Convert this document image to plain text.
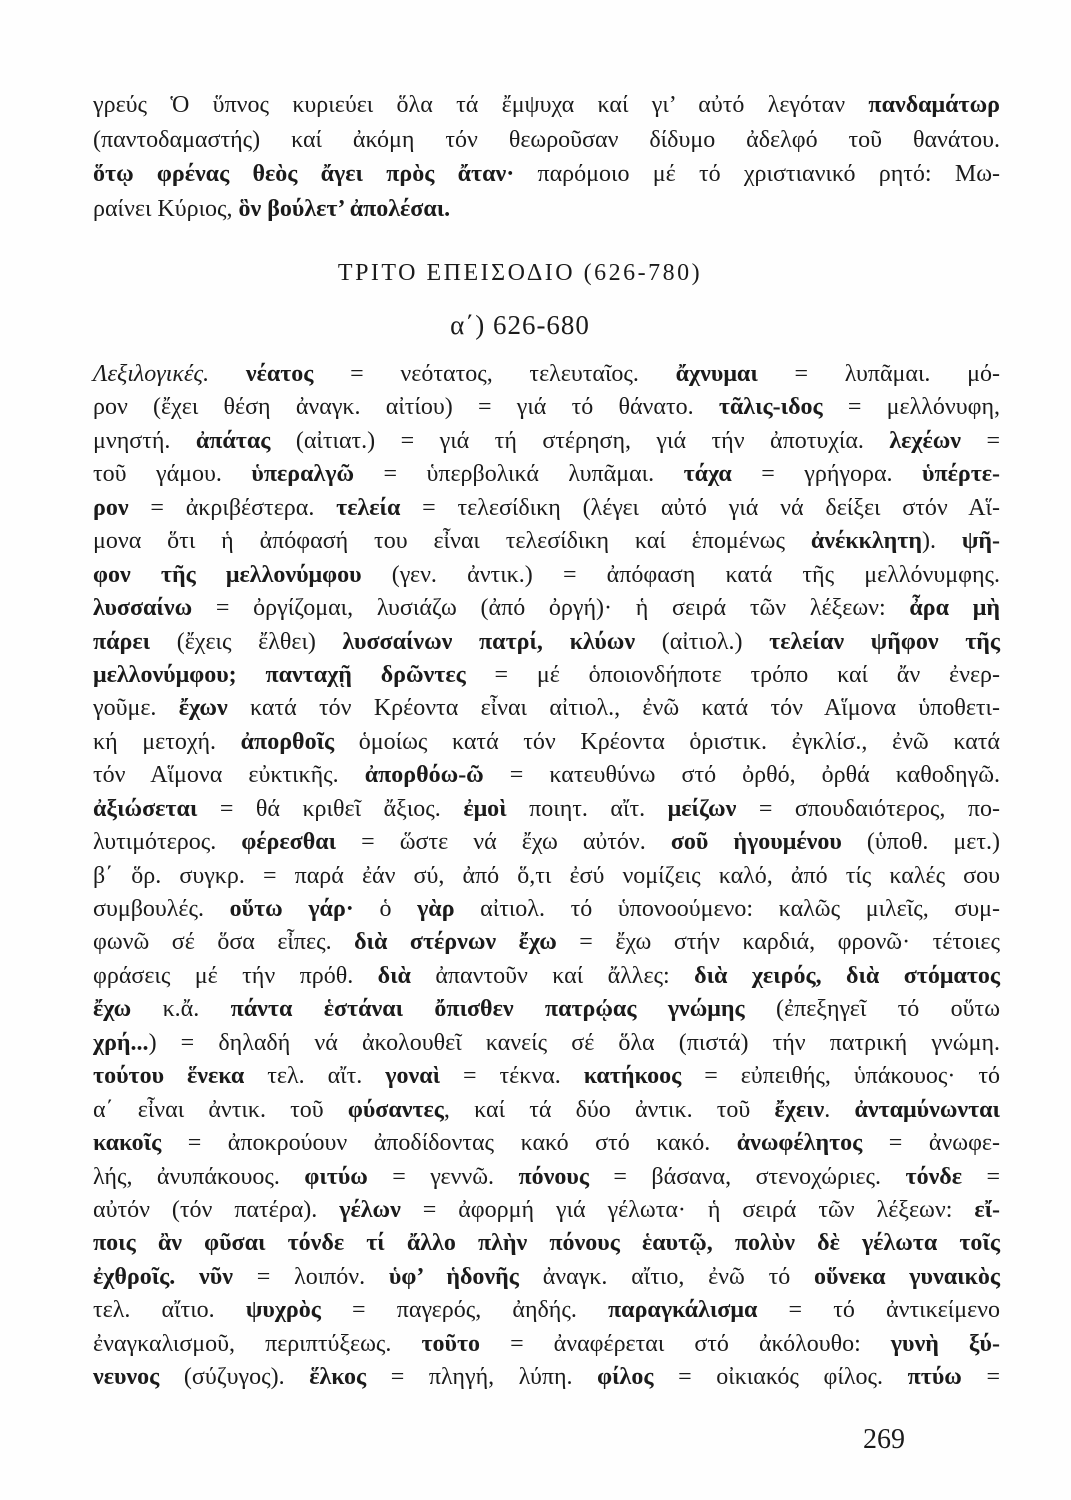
γρεύς Ὁ ὕπνος κυριεύει ὅλα τά ἔμψυχα καί γι’ αὐτό λεγόταν πανδαμάτωρ
(παντοδαμαστής) καί ἀκόμη τόν θεωροῦσαν δίδυμο ἀδελφό τοῦ θανάτου.
ὅτῳ φρένας θεὸς ἄγει πρὸς ἄταν· παρόμοιο μέ τό χριστιανικό ρητό: Μω-
ραίνει Κύριος, ὃν βούλετ’ ἀπολέσαι.
ΤΡΙΤΟ ΕΠΕΙΣΟΔΙΟ (626-780)
α΄) 626-680
Λεξιλογικές. νέατος = νεότατος, τελευταῖος. ἄχνυμαι = λυπᾶμαι. μό-
ρον (ἔχει θέση ἀναγκ. αἰτίου) = γιά τό θάνατο. τᾶλις-ιδος = μελλόνυφη,
μνηστή. ἀπάτας (αἰτιατ.) = γιά τή στέρηση, γιά τήν ἀποτυχία. λεχέων =
τοῦ γάμου. ὑπεραλγῶ = ὑπερβολικά λυπᾶμαι. τάχα = γρήγορα. ὑπέρτε-
ρον = ἀκριβέστερα. τελεία = τελεσίδικη (λέγει αὐτό γιά νά δείξει στόν Αἵ-
μονα ὅτι ἡ ἀπόφασή του εἶναι τελεσίδικη καί ἑπομένως ἀνέκκλητη). ψῆ-
φον τῆς μελλονύμφου (γεν. ἀντικ.) = ἀπόφαση κατά τῆς μελλόνυμφης.
λυσσαίνω = ὀργίζομαι, λυσιάζω (ἀπό ὀργή)· ἡ σειρά τῶν λέξεων: ἆρα μὴ
πάρει (ἔχεις ἔλθει) λυσσαίνων πατρί, κλύων (αἰτιολ.) τελείαν ψῆφον τῆς
μελλονύμφου; πανταχῇ δρῶντες = μέ ὁποιονδήποτε τρόπο καί ἄν ἐνερ-
γοῦμε. ἔχων κατά τόν Κρέοντα εἶναι αἰτιολ., ἐνῶ κατά τόν Αἵμονα ὑποθετι-
κή μετοχή. ἀπορθοῖς ὁμοίως κατά τόν Κρέοντα ὁριστικ. ἐγκλίσ., ἐνῶ κατά
τόν Αἵμονα εὐκτικῆς. ἀπορθόω-ῶ = κατευθύνω στό ὀρθό, ὀρθά καθοδηγῶ.
ἀξιώσεται = θά κριθεῖ ἄξιος. ἐμοὶ ποιητ. αἴτ. μείζων = σπουδαιότερος, πο-
λυτιμότερος. φέρεσθαι = ὥστε νά ἔχω αὐτόν. σοῦ ἡγουμένου (ὑποθ. μετ.)
β΄ ὅρ. συγκρ. = παρά ἐάν σύ, ἀπό ὅ,τι ἐσύ νομίζεις καλό, ἀπό τίς καλές σου
συμβουλές. οὕτω γάρ· ὁ γὰρ αἰτιολ. τό ὑπονοούμενο: καλῶς μιλεῖς, συμ-
φωνῶ σέ ὅσα εἶπες. διὰ στέρνων ἔχω = ἔχω στήν καρδιά, φρονῶ· τέτοιες
φράσεις μέ τήν πρόθ. διὰ ἀπαντοῦν καί ἄλλες: διὰ χειρός, διὰ στόματος
ἔχω κ.ἄ. πάντα ἑστάναι ὄπισθεν πατρῴας γνώμης (ἐπεξηγεῖ τό οὕτω
χρή...) = δηλαδή νά ἀκολουθεῖ κανείς σέ ὅλα (πιστά) τήν πατρική γνώμη.
τούτου ἕνεκα τελ. αἴτ. γοναὶ = τέκνα. κατήκοος = εὐπειθής, ὑπάκουος· τό
α΄ εἶναι ἀντικ. τοῦ φύσαντες, καί τά δύο ἀντικ. τοῦ ἔχειν. ἀνταμύνωνται
κακοῖς = ἀποκρούουν ἀποδίδοντας κακό στό κακό. ἀνωφέλητος = ἀνωφε-
λής, ἀνυπάκουος. φιτύω = γεννῶ. πόνους = βάσανα, στενοχώριες. τόνδε =
αὐτόν (τόν πατέρα). γέλων = ἀφορμή γιά γέλωτα· ἡ σειρά τῶν λέξεων: εἴ-
ποις ἂν φῦσαι τόνδε τί ἄλλο πλὴν πόνους ἑαυτῷ, πολὺν δὲ γέλωτα τοῖς
ἐχθροῖς. νῦν = λοιπόν. ὑφ’ ἡδονῆς ἀναγκ. αἴτιο, ἐνῶ τό οὕνεκα γυναικὸς
τελ. αἴτιο. ψυχρὸς = παγερός, ἀηδής. παραγκάλισμα = τό ἀντικείμενο
ἐναγκαλισμοῦ, περιπτύξεως. τοῦτο = ἀναφέρεται στό ἀκόλουθο: γυνὴ ξύ-
νευνος (σύζυγος). ἕλκος = πληγή, λύπη. φίλος = οἰκιακός φίλος. πτύω =
269
